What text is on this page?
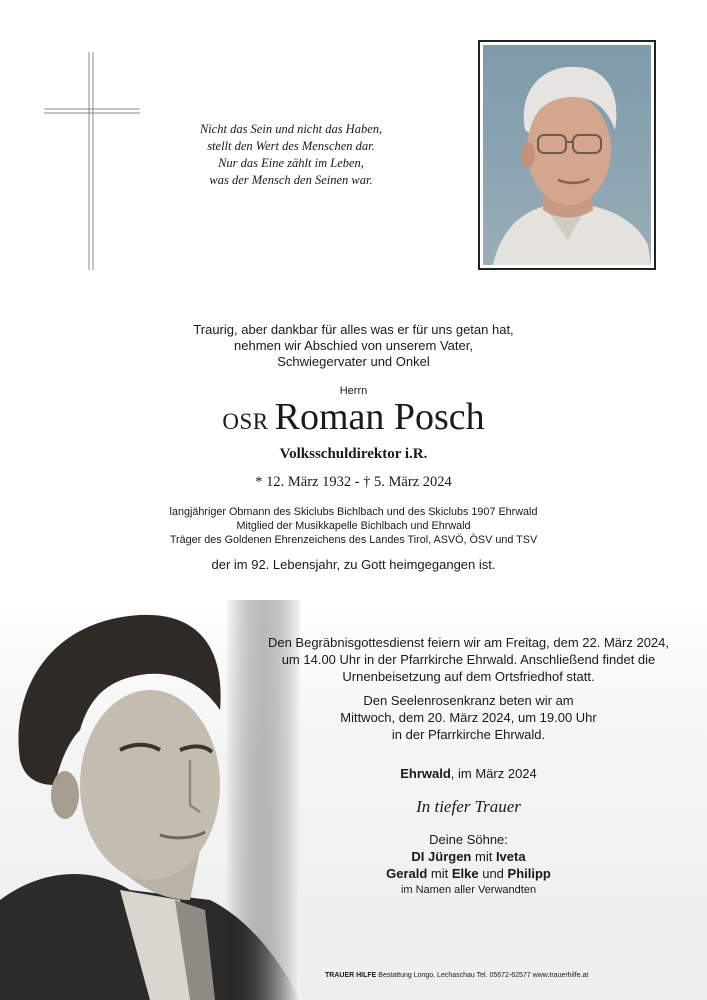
Nicht das Sein und nicht das Haben,
stellt den Wert des Menschen dar.
Nur das Eine zählt im Leben,
was der Mensch den Seinen war.
Traurig, aber dankbar für alles was er für uns getan hat,
nehmen wir Abschied von unserem Vater,
Schwiegervater und Onkel
Herrn
OSR Roman Posch
Volksschuldirektor i.R.
* 12. März 1932 - † 5. März 2024
langjähriger Obmann des Skiclubs Bichlbach und des Skiclubs 1907 Ehrwald
Mitglied der Musikkapelle Bichlbach und Ehrwald
Träger des Goldenen Ehrenzeichens des Landes Tirol, ASVÖ, ÖSV und TSV
der im 92. Lebensjahr, zu Gott heimgegangen ist.
Den Begräbnisgottesdienst feiern wir am Freitag, dem 22. März 2024,
um 14.00 Uhr in der Pfarrkirche Ehrwald. Anschließend findet die
Urnenbeisetzung auf dem Ortsfriedhof statt.
Den Seelenrosenkranz beten wir am
Mittwoch, dem 20. März 2024, um 19.00 Uhr
in der Pfarrkirche Ehrwald.
Ehrwald, im März 2024
In tiefer Trauer
Deine Söhne:
DI Jürgen mit Iveta
Gerald mit Elke und Philipp
im Namen aller Verwandten
TRAUER HILFE Bestattung Longo, Lechaschau Tel. 05672-62577 www.trauerhilfe.at
